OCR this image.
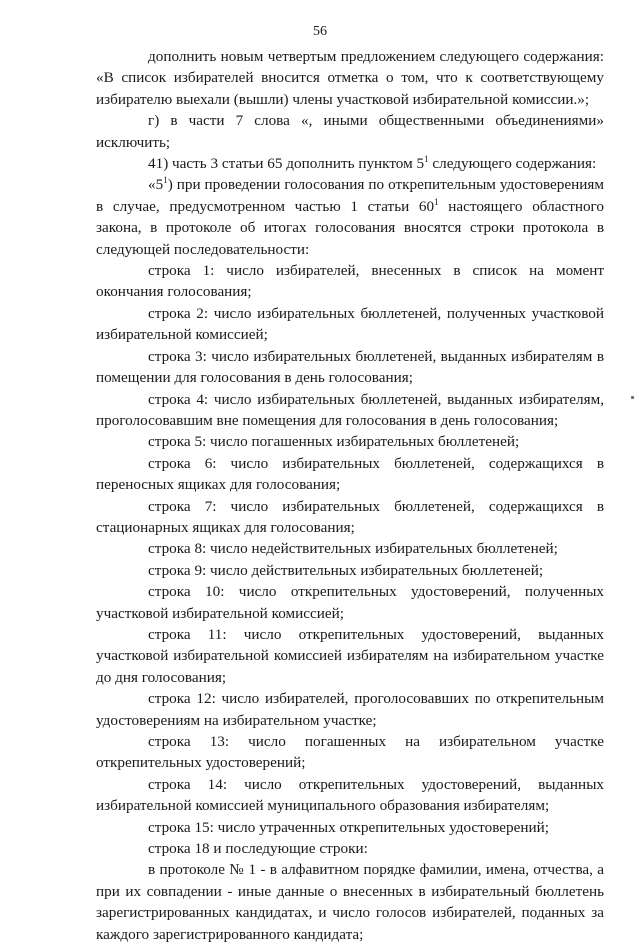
56

дополнить новым четвертым предложением следующего содержания: «В список избирателей вносится отметка о том, что к соответствующему избирателю выехали (вышли) члены участковой избирательной комиссии.»;

г) в части 7 слова «, иными общественными объединениями» исключить;

41) часть 3 статьи 65 дополнить пунктом $5^1$ следующего содержания:

«$5^1$) при проведении голосования по открепительным удостоверениям в случае, предусмотренном частью 1 статьи $60^1$ настоящего областного закона, в протоколе об итогах голосования вносятся строки протокола в следующей последовательности:

строка 1: число избирателей, внесенных в список на момент окончания голосования;

строка 2: число избирательных бюллетеней, полученных участковой избирательной комиссией;

строка 3: число избирательных бюллетеней, выданных избирателям в помещении для голосования в день голосования;

строка 4: число избирательных бюллетеней, выданных избирателям, проголосовавшим вне помещения для голосования в день голосования;

строка 5: число погашенных избирательных бюллетеней;

строка 6: число избирательных бюллетеней, содержащихся в переносных ящиках для голосования;

строка 7: число избирательных бюллетеней, содержащихся в стационарных ящиках для голосования;

строка 8: число недействительных избирательных бюллетеней;

строка 9: число действительных избирательных бюллетеней;

строка 10: число открепительных удостоверений, полученных участковой избирательной комиссией;

строка 11: число открепительных удостоверений, выданных участковой избирательной комиссией избирателям на избирательном участке до дня голосования;

строка 12: число избирателей, проголосовавших по открепительным удостоверениям на избирательном участке;

строка 13: число погашенных на избирательном участке открепительных удостоверений;

строка 14: число открепительных удостоверений, выданных избирательной комиссией муниципального образования избирателям;

строка 15: число утраченных открепительных удостоверений;

строка 18 и последующие строки:

в протоколе № 1 - в алфавитном порядке фамилии, имена, отчества, а при их совпадении - иные данные о внесенных в избирательный бюллетень зарегистрированных кандидатах, и число голосов избирателей, поданных за каждого зарегистрированного кандидата;
